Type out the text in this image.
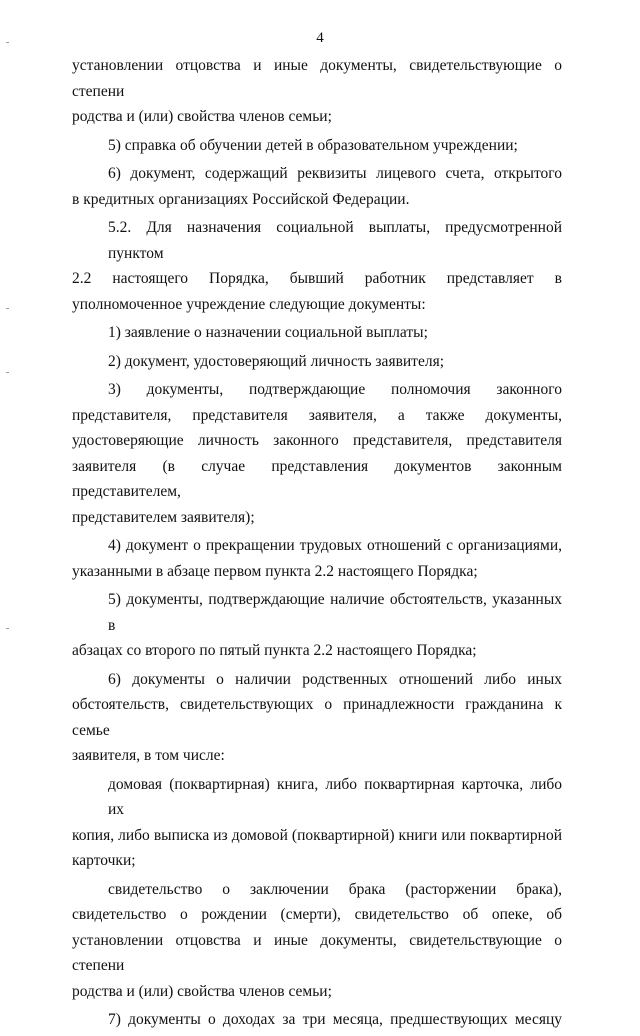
4

установлении отцовства и иные документы, свидетельствующие о степени
родства и (или) свойства членов семьи;

5) справка об обучении детей в образовательном учреждении;

6) документ, содержащий реквизиты лицевого счета, открытого
в кредитных организациях Российской Федерации.

5.2. Для назначения социальной выплаты, предусмотренной пунктом
2.2 настоящего Порядка, бывший работник представляет в
уполномоченное учреждение следующие документы:

1) заявление о назначении социальной выплаты;

2) документ, удостоверяющий личность заявителя;

3) документы, подтверждающие полномочия законного
представителя, представителя заявителя, а также документы,
удостоверяющие личность законного представителя, представителя
заявителя (в случае представления документов законным представителем,
представителем заявителя);

4) документ о прекращении трудовых отношений с организациями,
указанными в абзаце первом пункта 2.2 настоящего Порядка;

5) документы, подтверждающие наличие обстоятельств, указанных в
абзацах со второго по пятый пункта 2.2 настоящего Порядка;

6) документы о наличии родственных отношений либо иных
обстоятельств, свидетельствующих о принадлежности гражданина к семье
заявителя, в том числе:

домовая (поквартирная) книга, либо поквартирная карточка, либо их
копия, либо выписка из домовой (поквартирной) книги или поквартирной
карточки;

свидетельство о заключении брака (расторжении брака),
свидетельство о рождении (смерти), свидетельство об опеке, об
установлении отцовства и иные документы, свидетельствующие о степени
родства и (или) свойства членов семьи;

7) документы о доходах за три месяца, предшествующих месяцу
